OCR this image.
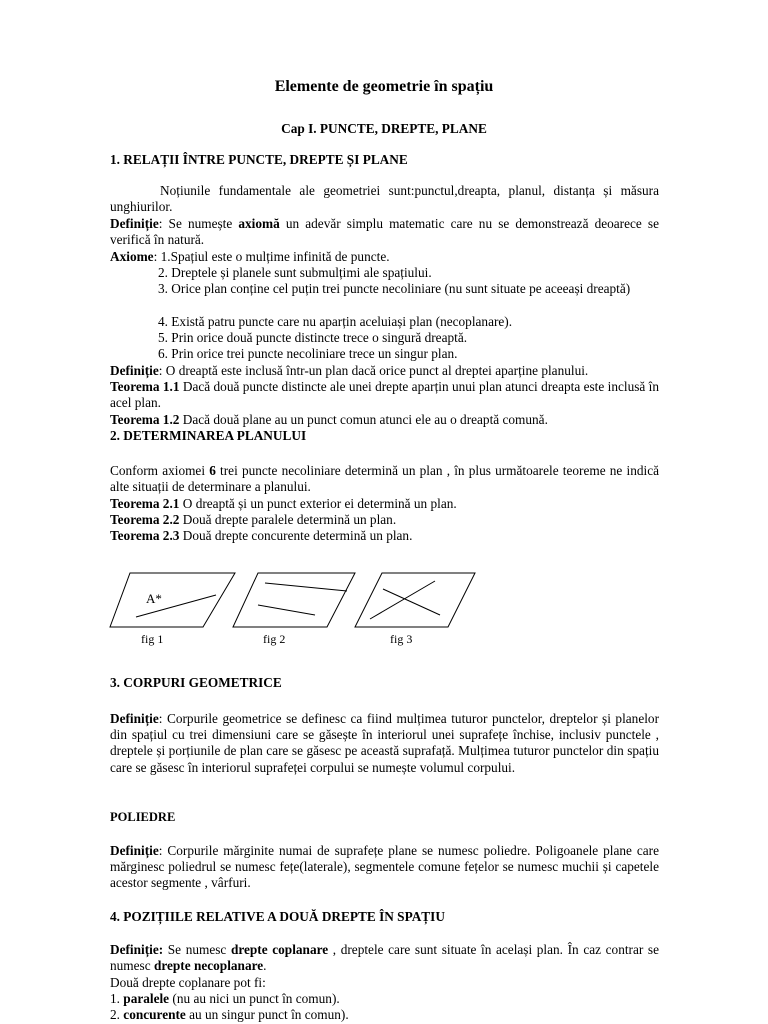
Elemente de geometrie în spațiu
Cap I. PUNCTE, DREPTE, PLANE
1. RELAȚII ÎNTRE PUNCTE, DREPTE ȘI PLANE
Noțiunile fundamentale ale geometriei sunt:punctul,dreapta, planul, distanța și măsura unghiurilor.
Definiție: Se numește axiomă un adevăr simplu matematic care nu se demonstrează deoarece se verifică în natură.
Axiome: 1.Spațiul este o mulțime infinită de puncte.
2. Dreptele și planele sunt submulțimi ale spațiului.
3. Orice plan conține cel puțin trei puncte necoliniare (nu sunt situate pe aceeași dreaptă)
4. Există patru puncte care nu aparțin aceluiași plan (necoplanare).
5. Prin orice două puncte distincte trece o singură dreaptă.
6. Prin orice trei puncte necoliniare trece un singur plan.
Definiție: O dreaptă este inclusă într-un plan dacă orice punct al dreptei aparține planului.
Teorema 1.1 Dacă două puncte distincte ale unei drepte aparțin unui plan atunci dreapta este inclusă în acel plan.
Teorema 1.2 Dacă două plane au un punct comun atunci ele au o dreaptă comună.
2. DETERMINAREA PLANULUI
Conform axiomei 6 trei puncte necoliniare determină un plan , în plus următoarele teoreme ne indică alte situații de determinare a planului.
Teorema 2.1 O dreaptă și un punct exterior ei determină un plan.
Teorema 2.2 Două drepte paralele determină un plan.
Teorema 2.3 Două drepte concurente determină un plan.
A*
fig 1	fig 2	fig 3
3. CORPURI GEOMETRICE
Definiție: Corpurile geometrice se definesc ca fiind mulțimea tuturor punctelor, dreptelor și planelor din spațiul cu trei dimensiuni care se găsește în interiorul unei suprafețe închise, inclusiv punctele , dreptele și porțiunile de plan care se găsesc pe această suprafață. Mulțimea tuturor punctelor din spațiu care se găsesc în interiorul suprafeței corpului se numește volumul corpului.
POLIEDRE
Definiție: Corpurile mărginite numai de suprafețe plane se numesc poliedre. Poligoanele plane care mărginesc poliedrul se numesc fețe(laterale), segmentele comune fețelor se numesc muchii și capetele acestor segmente , vârfuri.
4. POZIȚIILE RELATIVE A DOUĂ DREPTE ÎN SPAȚIU
Definiție: Se numesc drepte coplanare , dreptele care sunt situate în același plan. În caz contrar se numesc drepte necoplanare.
Două drepte coplanare pot fi:
1. paralele (nu au nici un punct în comun).
2. concurente au un singur punct în comun).
